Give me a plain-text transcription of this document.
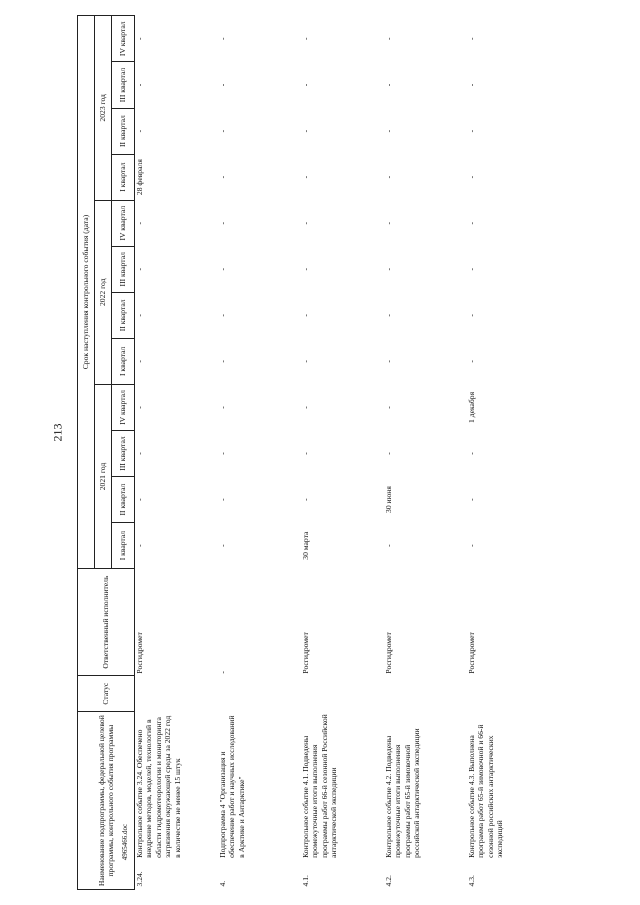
213
4965466.doc
Наименование подпрограммы, федеральной целевой программы, контрольного события программы		Статус	Ответственный исполнитель	Срок наступления контрольного события (дата)											
				2021 год				2022 год				2023 год			
				I квартал	II квартал	III квартал	IV квартал	I квартал	II квартал	III квартал	IV квартал	I квартал	II квартал	III квартал	IV квартал
3.24.	Контрольное событие 3.24. Обеспечено внедрение методов, моделей, технологий в области гидрометеорологии и мониторинга загрязнения окружающей среды за 2022 год в количестве не менее 15 штук		Росгидромет	-	-	-	-	-	-	-	-	28 февраля	-	-	-
4.	Подпрограмма 4 "Организация и обеспечение работ и научных исследований в Арктике и Антарктике"		-	-	-	-	-	-	-	-	-	-	-	-	-
4.1.	Контрольное событие 4.1. Подведены промежуточные итоги выполнения программы работ 66-й сезонной Российской антарктической экспедиции		Росгидромет	30 марта	-	-	-	-	-	-	-	-	-	-	-
4.2.	Контрольное событие 4.2. Подведены промежуточные итоги выполнения программы работ 65-й зимовочной российской антарктической экспедиции		Росгидромет	-	30 июня	-	-	-	-	-	-	-	-	-	-
4.3.	Контрольное событие 4.3. Выполнена программа работ 65-й зимовочной и 66-й сезонной российских антарктических экспедиций		Росгидромет	-	-	-	1 декабря	-	-	-	-	-	-	-	-
